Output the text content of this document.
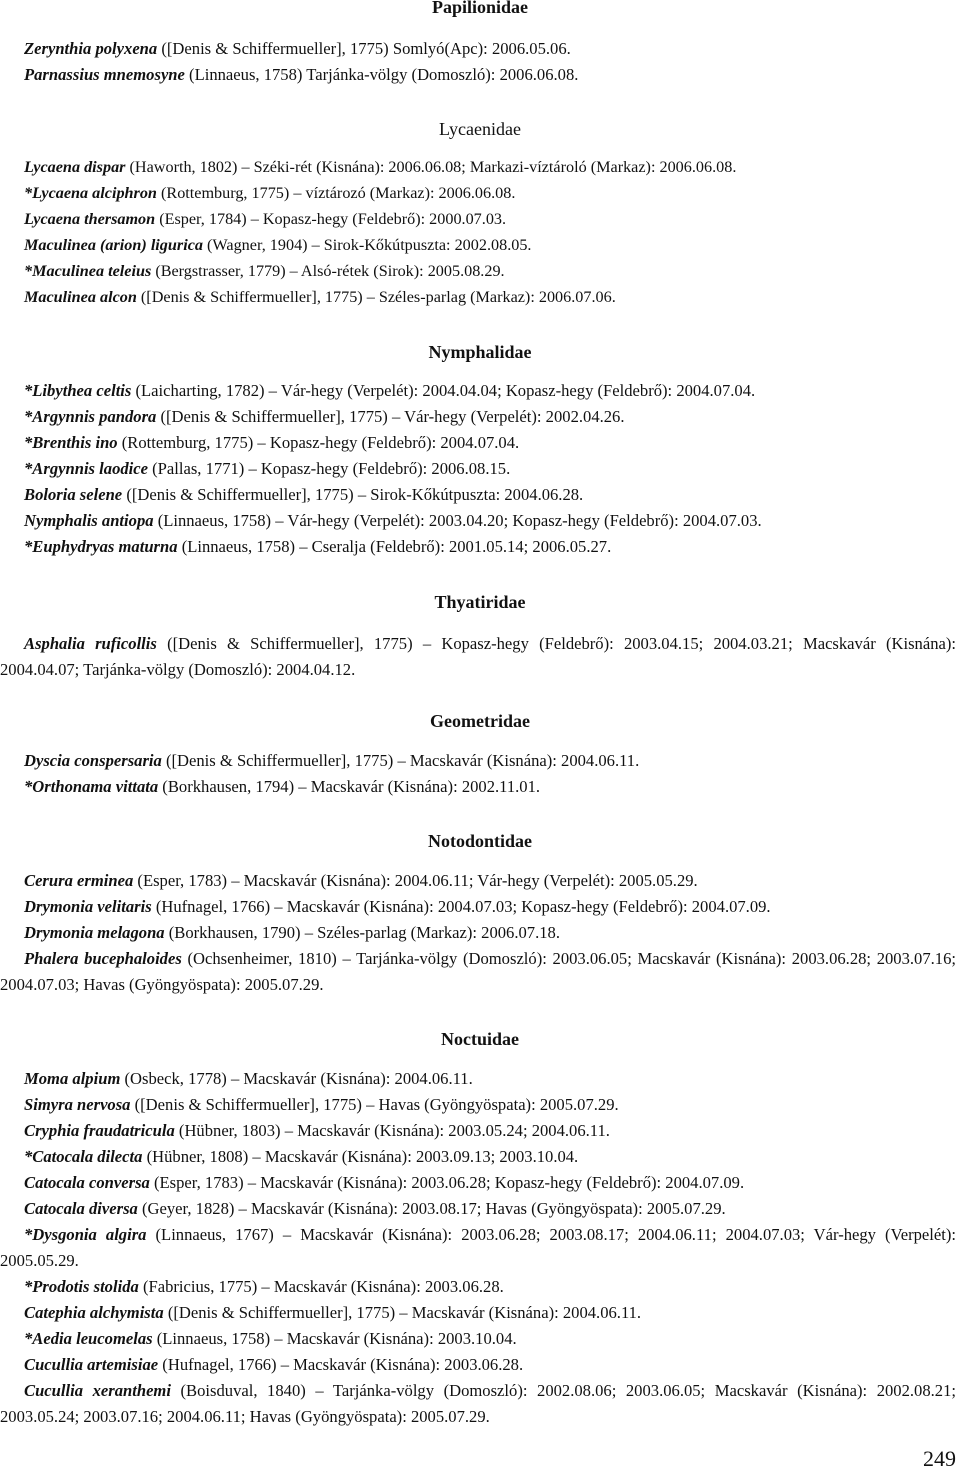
Papilionidae
Zerynthia polyxena ([Denis & Schiffermueller], 1775) Somlyó(Apc): 2006.05.06.
Parnassius mnemosyne (Linnaeus, 1758) Tarjánka-völgy (Domoszló): 2006.06.08.
Lycaenidae
Lycaena dispar (Haworth, 1802) – Széki-rét (Kisnána): 2006.06.08; Markazi-víztároló (Markaz): 2006.06.08.
*Lycaena alciphron (Rottemburg, 1775) – víztározó (Markaz): 2006.06.08.
Lycaena thersamon (Esper, 1784) – Kopasz-hegy (Feldebrő): 2000.07.03.
Maculinea (arion) ligurica (Wagner, 1904) – Sirok-Kőkútpuszta: 2002.08.05.
*Maculinea teleius (Bergstrasser, 1779) – Alsó-rétek (Sirok): 2005.08.29.
Maculinea alcon ([Denis & Schiffermueller], 1775) – Széles-parlag (Markaz): 2006.07.06.
Nymphalidae
*Libythea celtis (Laicharting, 1782) – Vár-hegy (Verpelét): 2004.04.04; Kopasz-hegy (Feldebrő): 2004.07.04.
*Argynnis pandora ([Denis & Schiffermueller], 1775) – Vár-hegy (Verpelét): 2002.04.26.
*Brenthis ino (Rottemburg, 1775) – Kopasz-hegy (Feldebrő): 2004.07.04.
*Argynnis laodice (Pallas, 1771) – Kopasz-hegy (Feldebrő): 2006.08.15.
Boloria selene ([Denis & Schiffermueller], 1775) – Sirok-Kőkútpuszta: 2004.06.28.
Nymphalis antiopa (Linnaeus, 1758) – Vár-hegy (Verpelét): 2003.04.20; Kopasz-hegy (Feldebrő): 2004.07.03.
*Euphydryas maturna (Linnaeus, 1758) – Cseralja (Feldebrő): 2001.05.14; 2006.05.27.
Thyatiridae
Asphalia ruficollis ([Denis & Schiffermueller], 1775) – Kopasz-hegy (Feldebrő): 2003.04.15; 2004.03.21; Macskavár (Kisnána): 2004.04.07; Tarjánka-völgy (Domoszló): 2004.04.12.
Geometridae
Dyscia conspersaria ([Denis & Schiffermueller], 1775) – Macskavár (Kisnána): 2004.06.11.
*Orthonama vittata (Borkhausen, 1794) – Macskavár (Kisnána): 2002.11.01.
Notodontidae
Cerura erminea (Esper, 1783) – Macskavár (Kisnána): 2004.06.11; Vár-hegy (Verpelét): 2005.05.29.
Drymonia velitaris (Hufnagel, 1766) – Macskavár (Kisnána): 2004.07.03; Kopasz-hegy (Feldebrő): 2004.07.09.
Drymonia melagona (Borkhausen, 1790) – Széles-parlag (Markaz): 2006.07.18.
Phalera bucephaloides (Ochsenheimer, 1810) – Tarjánka-völgy (Domoszló): 2003.06.05; Macskavár (Kisnána): 2003.06.28; 2003.07.16; 2004.07.03; Havas (Gyöngyöspata): 2005.07.29.
Noctuidae
Moma alpium (Osbeck, 1778) – Macskavár (Kisnána): 2004.06.11.
Simyra nervosa ([Denis & Schiffermueller], 1775) – Havas (Gyöngyöspata): 2005.07.29.
Cryphia fraudatricula (Hübner, 1803) – Macskavár (Kisnána): 2003.05.24; 2004.06.11.
*Catocala dilecta (Hübner, 1808) – Macskavár (Kisnána): 2003.09.13; 2003.10.04.
Catocala conversa (Esper, 1783) – Macskavár (Kisnána): 2003.06.28; Kopasz-hegy (Feldebrő): 2004.07.09.
Catocala diversa (Geyer, 1828) – Macskavár (Kisnána): 2003.08.17; Havas (Gyöngyöspata): 2005.07.29.
*Dysgonia algira (Linnaeus, 1767) – Macskavár (Kisnána): 2003.06.28; 2003.08.17; 2004.06.11; 2004.07.03; Vár-hegy (Verpelét): 2005.05.29.
*Prodotis stolida (Fabricius, 1775) – Macskavár (Kisnána): 2003.06.28.
Catephia alchymista ([Denis & Schiffermueller], 1775) – Macskavár (Kisnána): 2004.06.11.
*Aedia leucomelas (Linnaeus, 1758) – Macskavár (Kisnána): 2003.10.04.
Cucullia artemisiae (Hufnagel, 1766) – Macskavár (Kisnána): 2003.06.28.
Cucullia xeranthemi (Boisduval, 1840) – Tarjánka-völgy (Domoszló): 2002.08.06; 2003.06.05; Macskavár (Kisnána): 2002.08.21; 2003.05.24; 2003.07.16; 2004.06.11; Havas (Gyöngyöspata): 2005.07.29.
249
